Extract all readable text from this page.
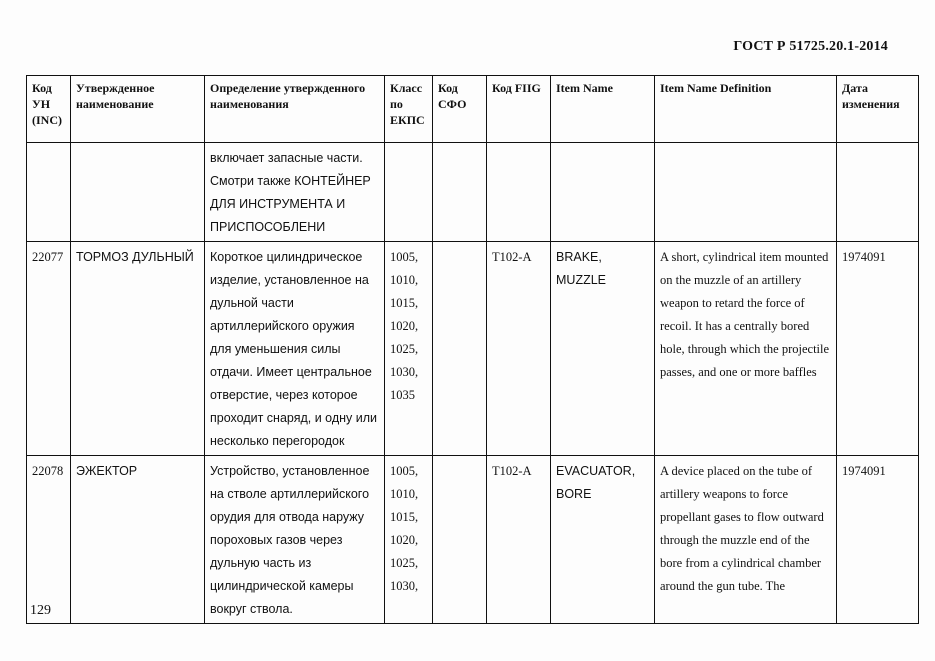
ГОСТ Р 51725.20.1-2014
Код УН (INC)	Утвержденное наименование	Определение утвержденного наименования	Класс по ЕКПС	Код СФО	Код FIIG	Item Name	Item Name Definition	Дата изменения
		включает запасные части. Смотри также КОНТЕЙНЕР ДЛЯ ИНСТРУМЕНТА И ПРИСПОСОБЛЕНИ						
22077	ТОРМОЗ ДУЛЬНЫЙ	Короткое цилиндрическое изделие, установленное на дульной части артиллерийского оружия для уменьшения силы отдачи. Имеет центральное отверстие, через которое проходит снаряд, и одну или несколько перегородок	1005, 1010, 1015, 1020, 1025, 1030, 1035		T102-A	BRAKE, MUZZLE	A short, cylindrical item mounted on the muzzle of an artillery weapon to retard the force of recoil. It has a centrally bored hole, through which the projectile passes, and one or more baffles	1974091
22078	ЭЖЕКТОР	Устройство, установленное на стволе артиллерийского орудия для отвода наружу пороховых газов через дульную часть из цилиндрической камеры вокруг ствола.	1005, 1010, 1015, 1020, 1025, 1030,		T102-A	EVACUATOR, BORE	A device placed on the tube of artillery weapons to force propellant gases to flow outward through the muzzle end of the bore from a cylindrical chamber around the gun tube. The	1974091
129
